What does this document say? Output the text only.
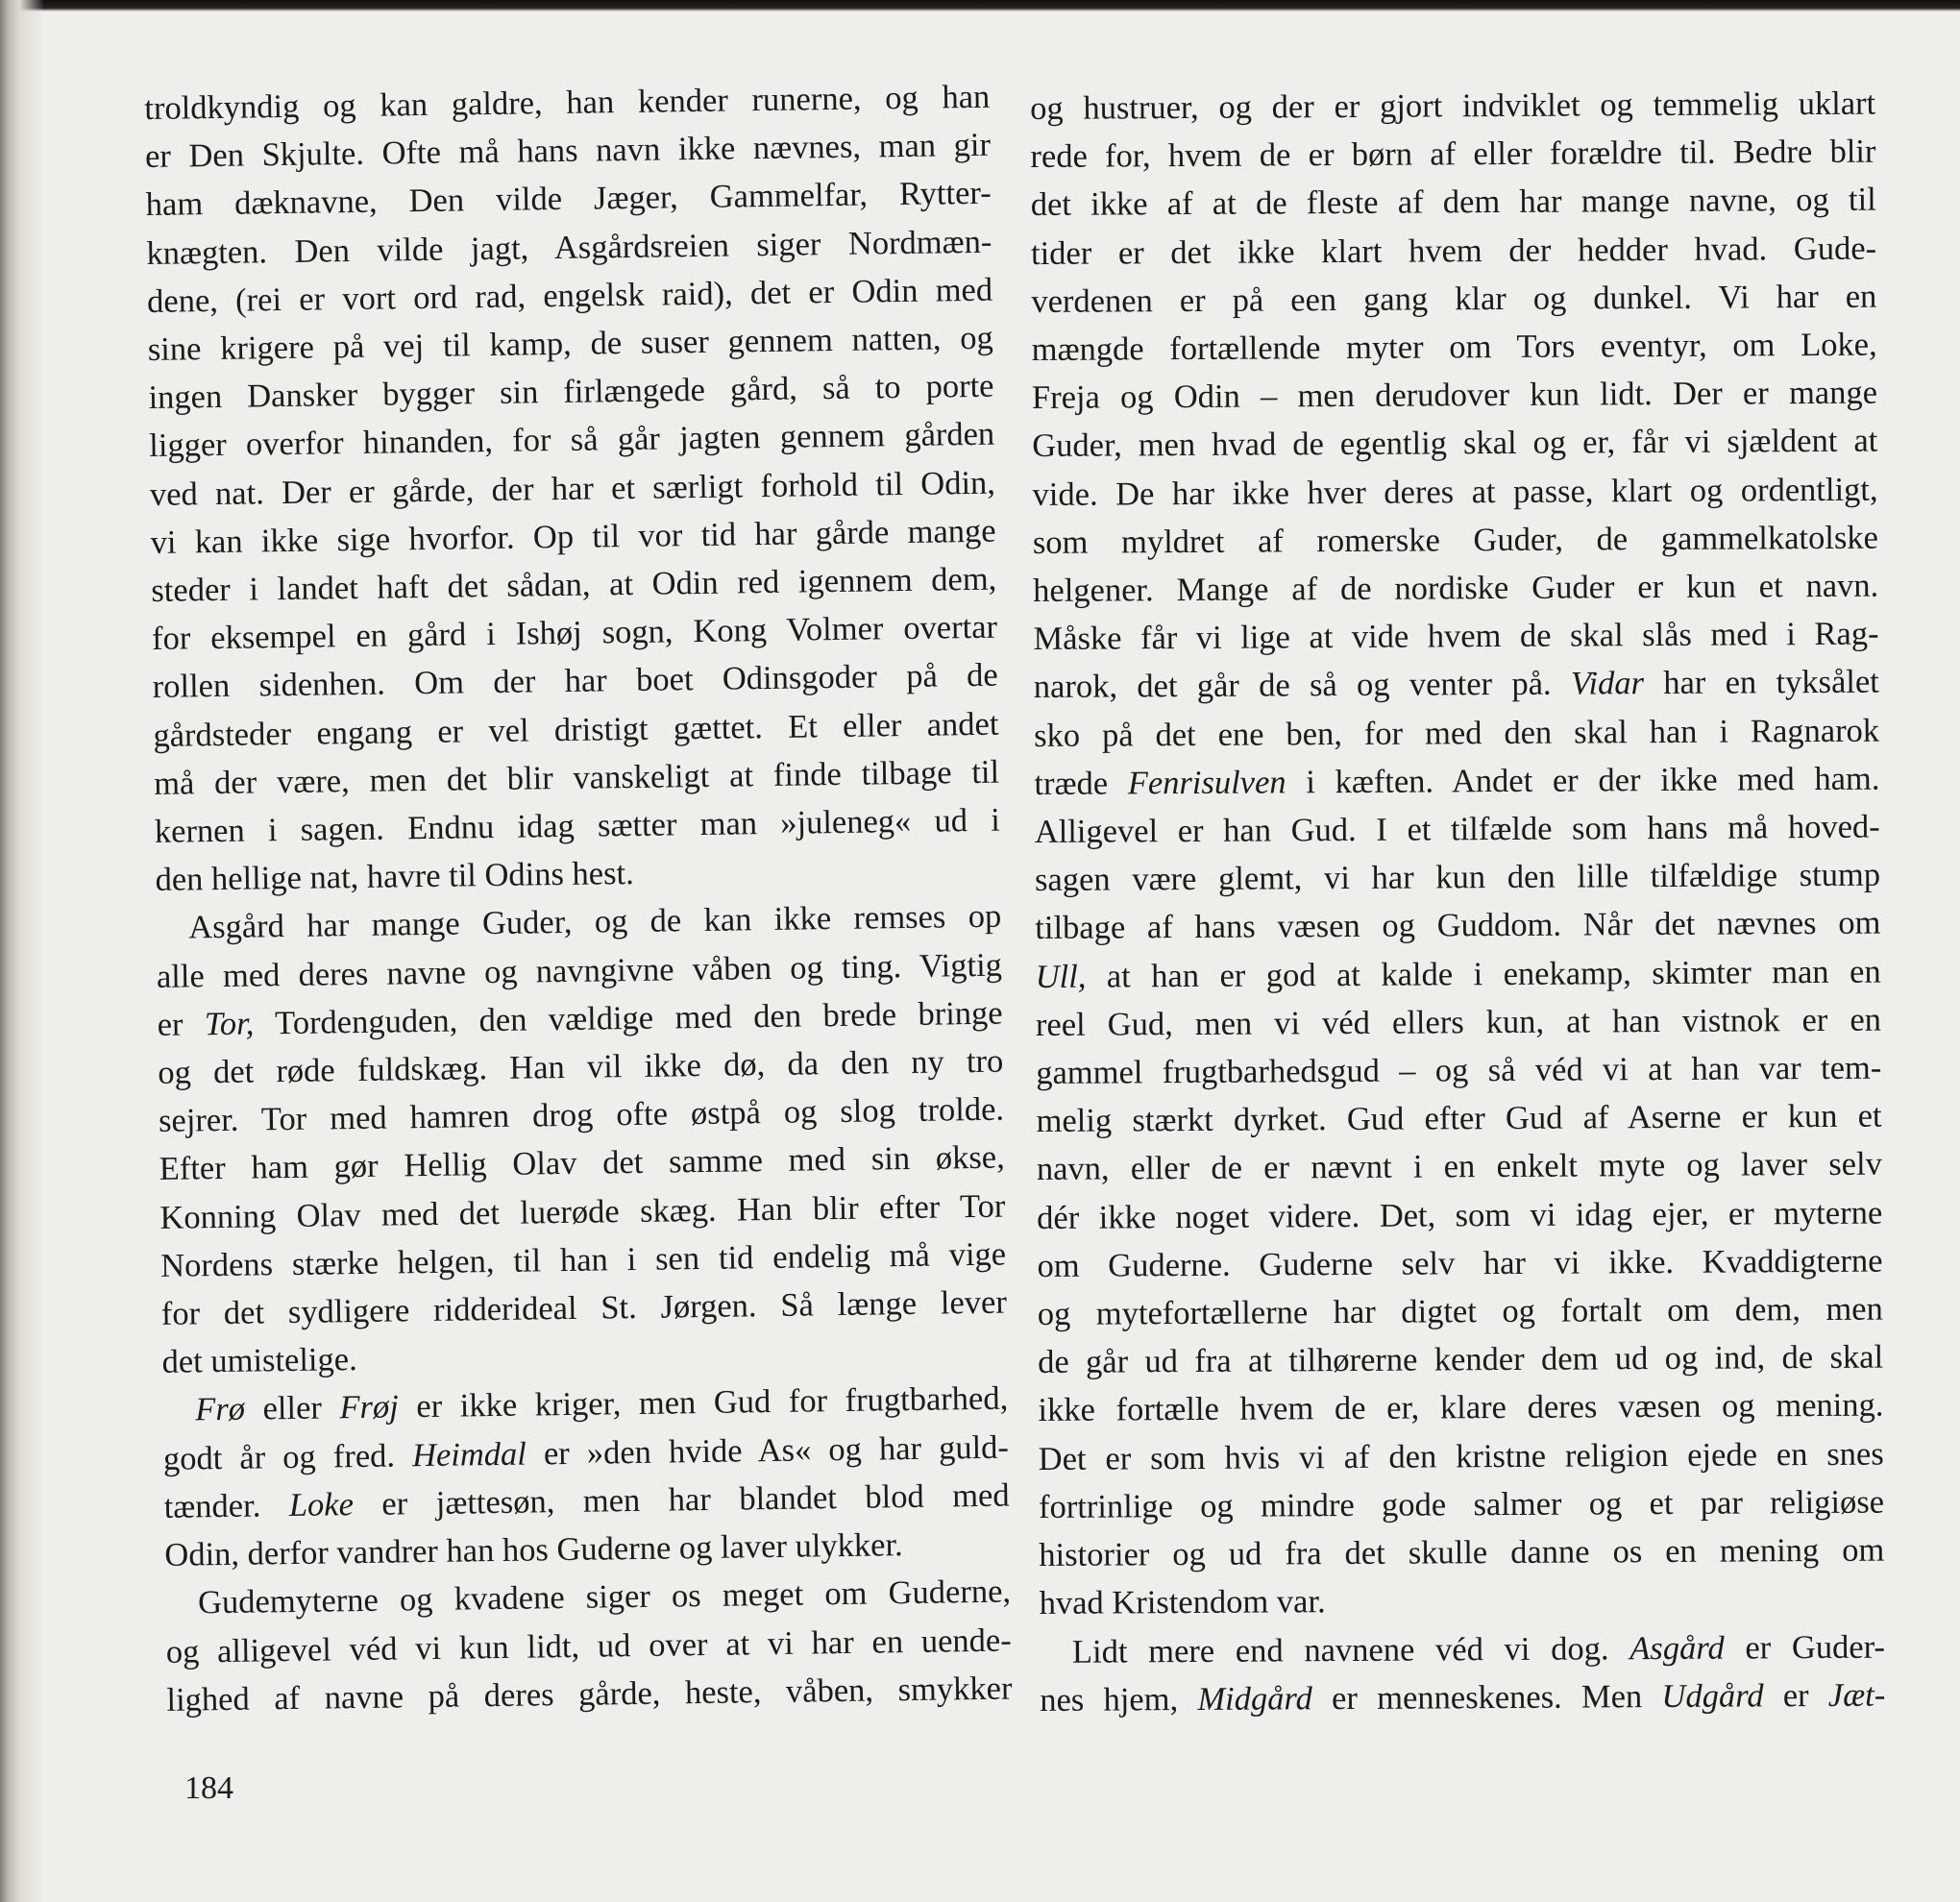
troldkyndig og kan galdre, han kender runerne, og han
er Den Skjulte. Ofte må hans navn ikke nævnes, man gir
ham dæknavne, Den vilde Jæger, Gammelfar, Rytter-
knægten. Den vilde jagt, Asgårdsreien siger Nordmæn-
dene, (rei er vort ord rad, engelsk raid), det er Odin med
sine krigere på vej til kamp, de suser gennem natten, og
ingen Dansker bygger sin firlængede gård, så to porte
ligger overfor hinanden, for så går jagten gennem gården
ved nat. Der er gårde, der har et særligt forhold til Odin,
vi kan ikke sige hvorfor. Op til vor tid har gårde mange
steder i landet haft det sådan, at Odin red igennem dem,
for eksempel en gård i Ishøj sogn, Kong Volmer overtar
rollen sidenhen. Om der har boet Odinsgoder på de
gårdsteder engang er vel dristigt gættet. Et eller andet
må der være, men det blir vanskeligt at finde tilbage til
kernen i sagen. Endnu idag sætter man »juleneg« ud i
den hellige nat, havre til Odins hest.
Asgård har mange Guder, og de kan ikke remses op
alle med deres navne og navngivne våben og ting. Vigtig
er Tor, Tordenguden, den vældige med den brede bringe
og det røde fuldskæg. Han vil ikke dø, da den ny tro
sejrer. Tor med hamren drog ofte østpå og slog trolde.
Efter ham gør Hellig Olav det samme med sin økse,
Konning Olav med det luerøde skæg. Han blir efter Tor
Nordens stærke helgen, til han i sen tid endelig må vige
for det sydligere ridderideal St. Jørgen. Så længe lever
det umistelige.
Frø eller Frøj er ikke kriger, men Gud for frugtbarhed,
godt år og fred. Heimdal er »den hvide As« og har guld-
tænder. Loke er jættesøn, men har blandet blod med
Odin, derfor vandrer han hos Guderne og laver ulykker.
Gudemyterne og kvadene siger os meget om Guderne,
og alligevel véd vi kun lidt, ud over at vi har en uende-
lighed af navne på deres gårde, heste, våben, smykker
og hustruer, og der er gjort indviklet og temmelig uklart
rede for, hvem de er børn af eller forældre til. Bedre blir
det ikke af at de fleste af dem har mange navne, og til
tider er det ikke klart hvem der hedder hvad. Gude-
verdenen er på een gang klar og dunkel. Vi har en
mængde fortællende myter om Tors eventyr, om Loke,
Freja og Odin – men derudover kun lidt. Der er mange
Guder, men hvad de egentlig skal og er, får vi sjældent at
vide. De har ikke hver deres at passe, klart og ordentligt,
som myldret af romerske Guder, de gammelkatolske
helgener. Mange af de nordiske Guder er kun et navn.
Måske får vi lige at vide hvem de skal slås med i Rag-
narok, det går de så og venter på. Vidar har en tyksålet
sko på det ene ben, for med den skal han i Ragnarok
træde Fenrisulven i kæften. Andet er der ikke med ham.
Alligevel er han Gud. I et tilfælde som hans må hoved-
sagen være glemt, vi har kun den lille tilfældige stump
tilbage af hans væsen og Guddom. Når det nævnes om
Ull, at han er god at kalde i enekamp, skimter man en
reel Gud, men vi véd ellers kun, at han vistnok er en
gammel frugtbarhedsgud – og så véd vi at han var tem-
melig stærkt dyrket. Gud efter Gud af Aserne er kun et
navn, eller de er nævnt i en enkelt myte og laver selv
dér ikke noget videre. Det, som vi idag ejer, er myterne
om Guderne. Guderne selv har vi ikke. Kvaddigterne
og mytefortællerne har digtet og fortalt om dem, men
de går ud fra at tilhørerne kender dem ud og ind, de skal
ikke fortælle hvem de er, klare deres væsen og mening.
Det er som hvis vi af den kristne religion ejede en snes
fortrinlige og mindre gode salmer og et par religiøse
historier og ud fra det skulle danne os en mening om
hvad Kristendom var.
Lidt mere end navnene véd vi dog. Asgård er Guder-
nes hjem, Midgård er menneskenes. Men Udgård er Jæt-
184
